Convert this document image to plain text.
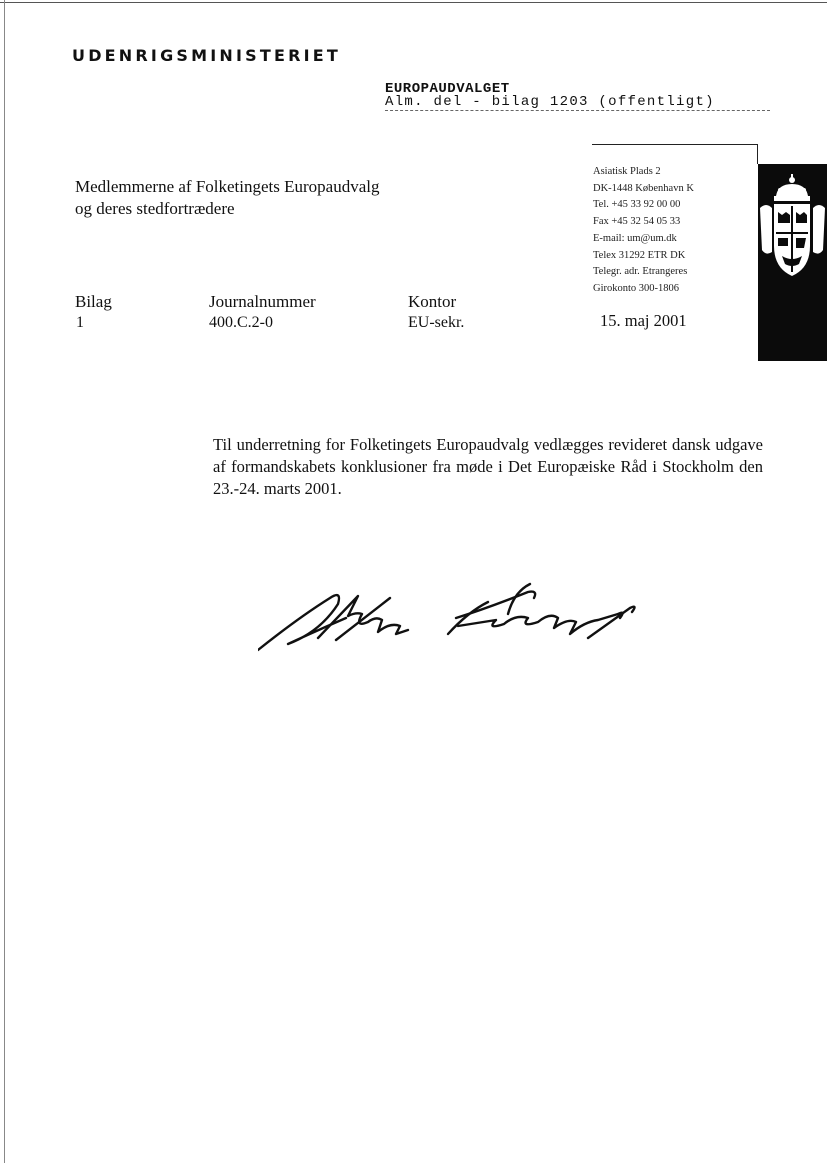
UDENRIGSMINISTERIET
EUROPAUDVALGET
Alm. del - bilag 1203 (offentligt)
Medlemmerne af Folketingets Europaudvalg
og deres stedfortrædere
Asiatisk Plads 2
DK-1448 København K
Tel. +45 33 92 00 00
Fax +45 32 54 05 33
E-mail: um@um.dk
Telex 31292 ETR DK
Telegr. adr. Etrangeres
Girokonto 300-1806
Bilag
1
Journalnummer
400.C.2-0
Kontor
EU-sekr.	15. maj 2001
Til underretning for Folketingets Europaudvalg vedlægges revideret dansk udgave af formandskabets konklusioner fra møde i Det Europæiske Råd i Stockholm den 23.-24. marts 2001.
